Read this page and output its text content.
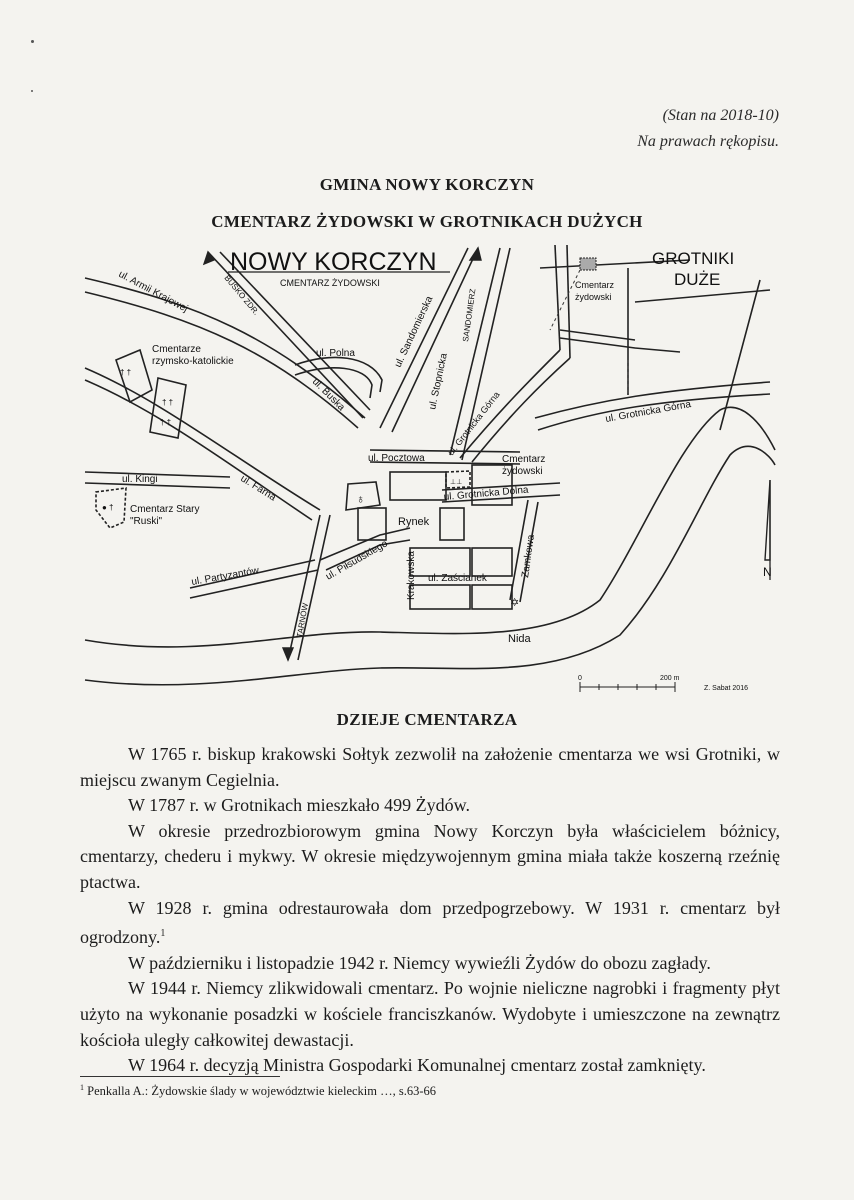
(Stan na 2018-10)
Na prawach rękopisu.
GMINA NOWY KORCZYN
CMENTARZ ŻYDOWSKI W GROTNIKACH DUŻYCH
NOWY KORCZYN
CMENTARZ ŻYDOWSKI
GROTNIKI
DUŻE
Cmentarz
żydowski
Cmentarze
rzymsko-katolickie
Cmentarz Stary
"Ruski"
Cmentarz
żydowski
ul. Armii Krajowej	BUSKO ZDR.	ul. Sandomierska	SANDOMIERZ
ul. Polna
ul. Buska	ul. Stopnicka
ul. Grotnicka Górna	ul. Grotnicka Górna
ul. Pocztowa
ul. Grotnicka Dolna
ul. Kingi	ul. Farna
Rynek
ul. Partyzantów	ul. Piłsudskiego Krakowska ul. Zaścianek
Zamkowa
TARNÓW
Nida
0	200 m
Z. Sabat 2016
N
✡
♁
† †
† †
† †
● †
⊥⊥
DZIEJE CMENTARZA

W 1765 r. biskup krakowski Sołtyk zezwolił na założenie cmentarza we wsi Grotniki, w miejscu zwanym Cegielnia.

W 1787 r. w Grotnikach mieszkało 499 Żydów.

W okresie przedrozbiorowym gmina Nowy Korczyn była właścicielem bóżnicy, cmentarzy, chederu i mykwy. W okresie międzywojennym gmina miała także koszerną rzeźnię ptactwa.

W 1928 r. gmina odrestaurowała dom przedpogrzebowy. W 1931 r. cmentarz był ogrodzony.$^1$

W październiku i listopadzie 1942 r. Niemcy wywieźli Żydów do obozu zagłady.

W 1944 r. Niemcy zlikwidowali cmentarz. Po wojnie nieliczne nagrobki i fragmenty płyt użyto na wykonanie posadzki w kościele franciszkanów. Wydobyte i umieszczone na zewnątrz kościoła uległy całkowitej dewastacji.

W 1964 r. decyzją Ministra Gospodarki Komunalnej cmentarz został zamknięty.

$^1$ Penkalla A.: Żydowskie ślady w województwie kieleckim …, s.63-66
